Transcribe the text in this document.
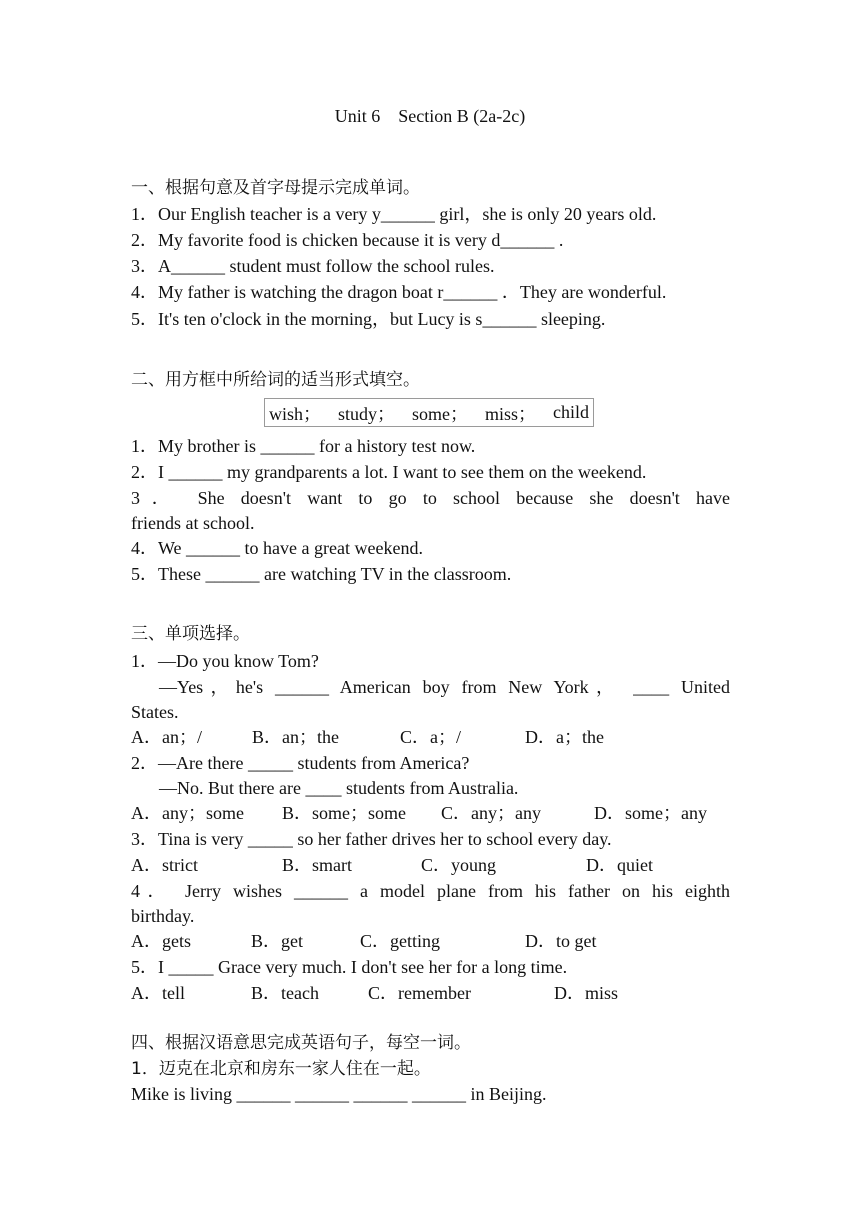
Unit 6　Section B (2a-2c)
一、根据句意及首字母提示完成单词。
1．Our English teacher is a very y______ girl，she is only 20 years old.
2．My favorite food is chicken because it is very d______ .
3．A______ student must follow the school rules.
4．My father is watching the dragon boat r______ ．They are wonderful.
5．It's ten o'clock in the morning，but Lucy is s______ sleeping.
二、用方框中所给词的适当形式填空。
wish； study； some； miss； child
1．My brother is ______ for a history test now.
2．I ______ my grandparents a lot. I want to see them on the weekend.
3． She doesn't want to go to school because she doesn't have
friends at school.
4．We ______ to have a great weekend.
5．These ______ are watching TV in the classroom.
三、单项选择。
1．—Do you know Tom?
—Yes，he's ______ American boy from New York， ____ United
States.
A．an；/	B．an；the	C．a；/	D．a；the
2．—Are there _____ students from America?
—No. But there are ____ students from Australia.
A．any；some	B．some；some	C．any；any	D．some；any
3．Tina is very _____ so her father drives her to school every day.
A．strict	B．smart	C．young	D．quiet
4． Jerry wishes ______ a model plane from his father on his eighth
birthday.
A．gets	B．get	C．getting	D．to get
5．I _____ Grace very much. I don't see her for a long time.
A．tell	B．teach	C．remember	D．miss
四、根据汉语意思完成英语句子，每空一词。
1．迈克在北京和房东一家人住在一起。
Mike is living ______ ______ ______ ______ in Beijing.
